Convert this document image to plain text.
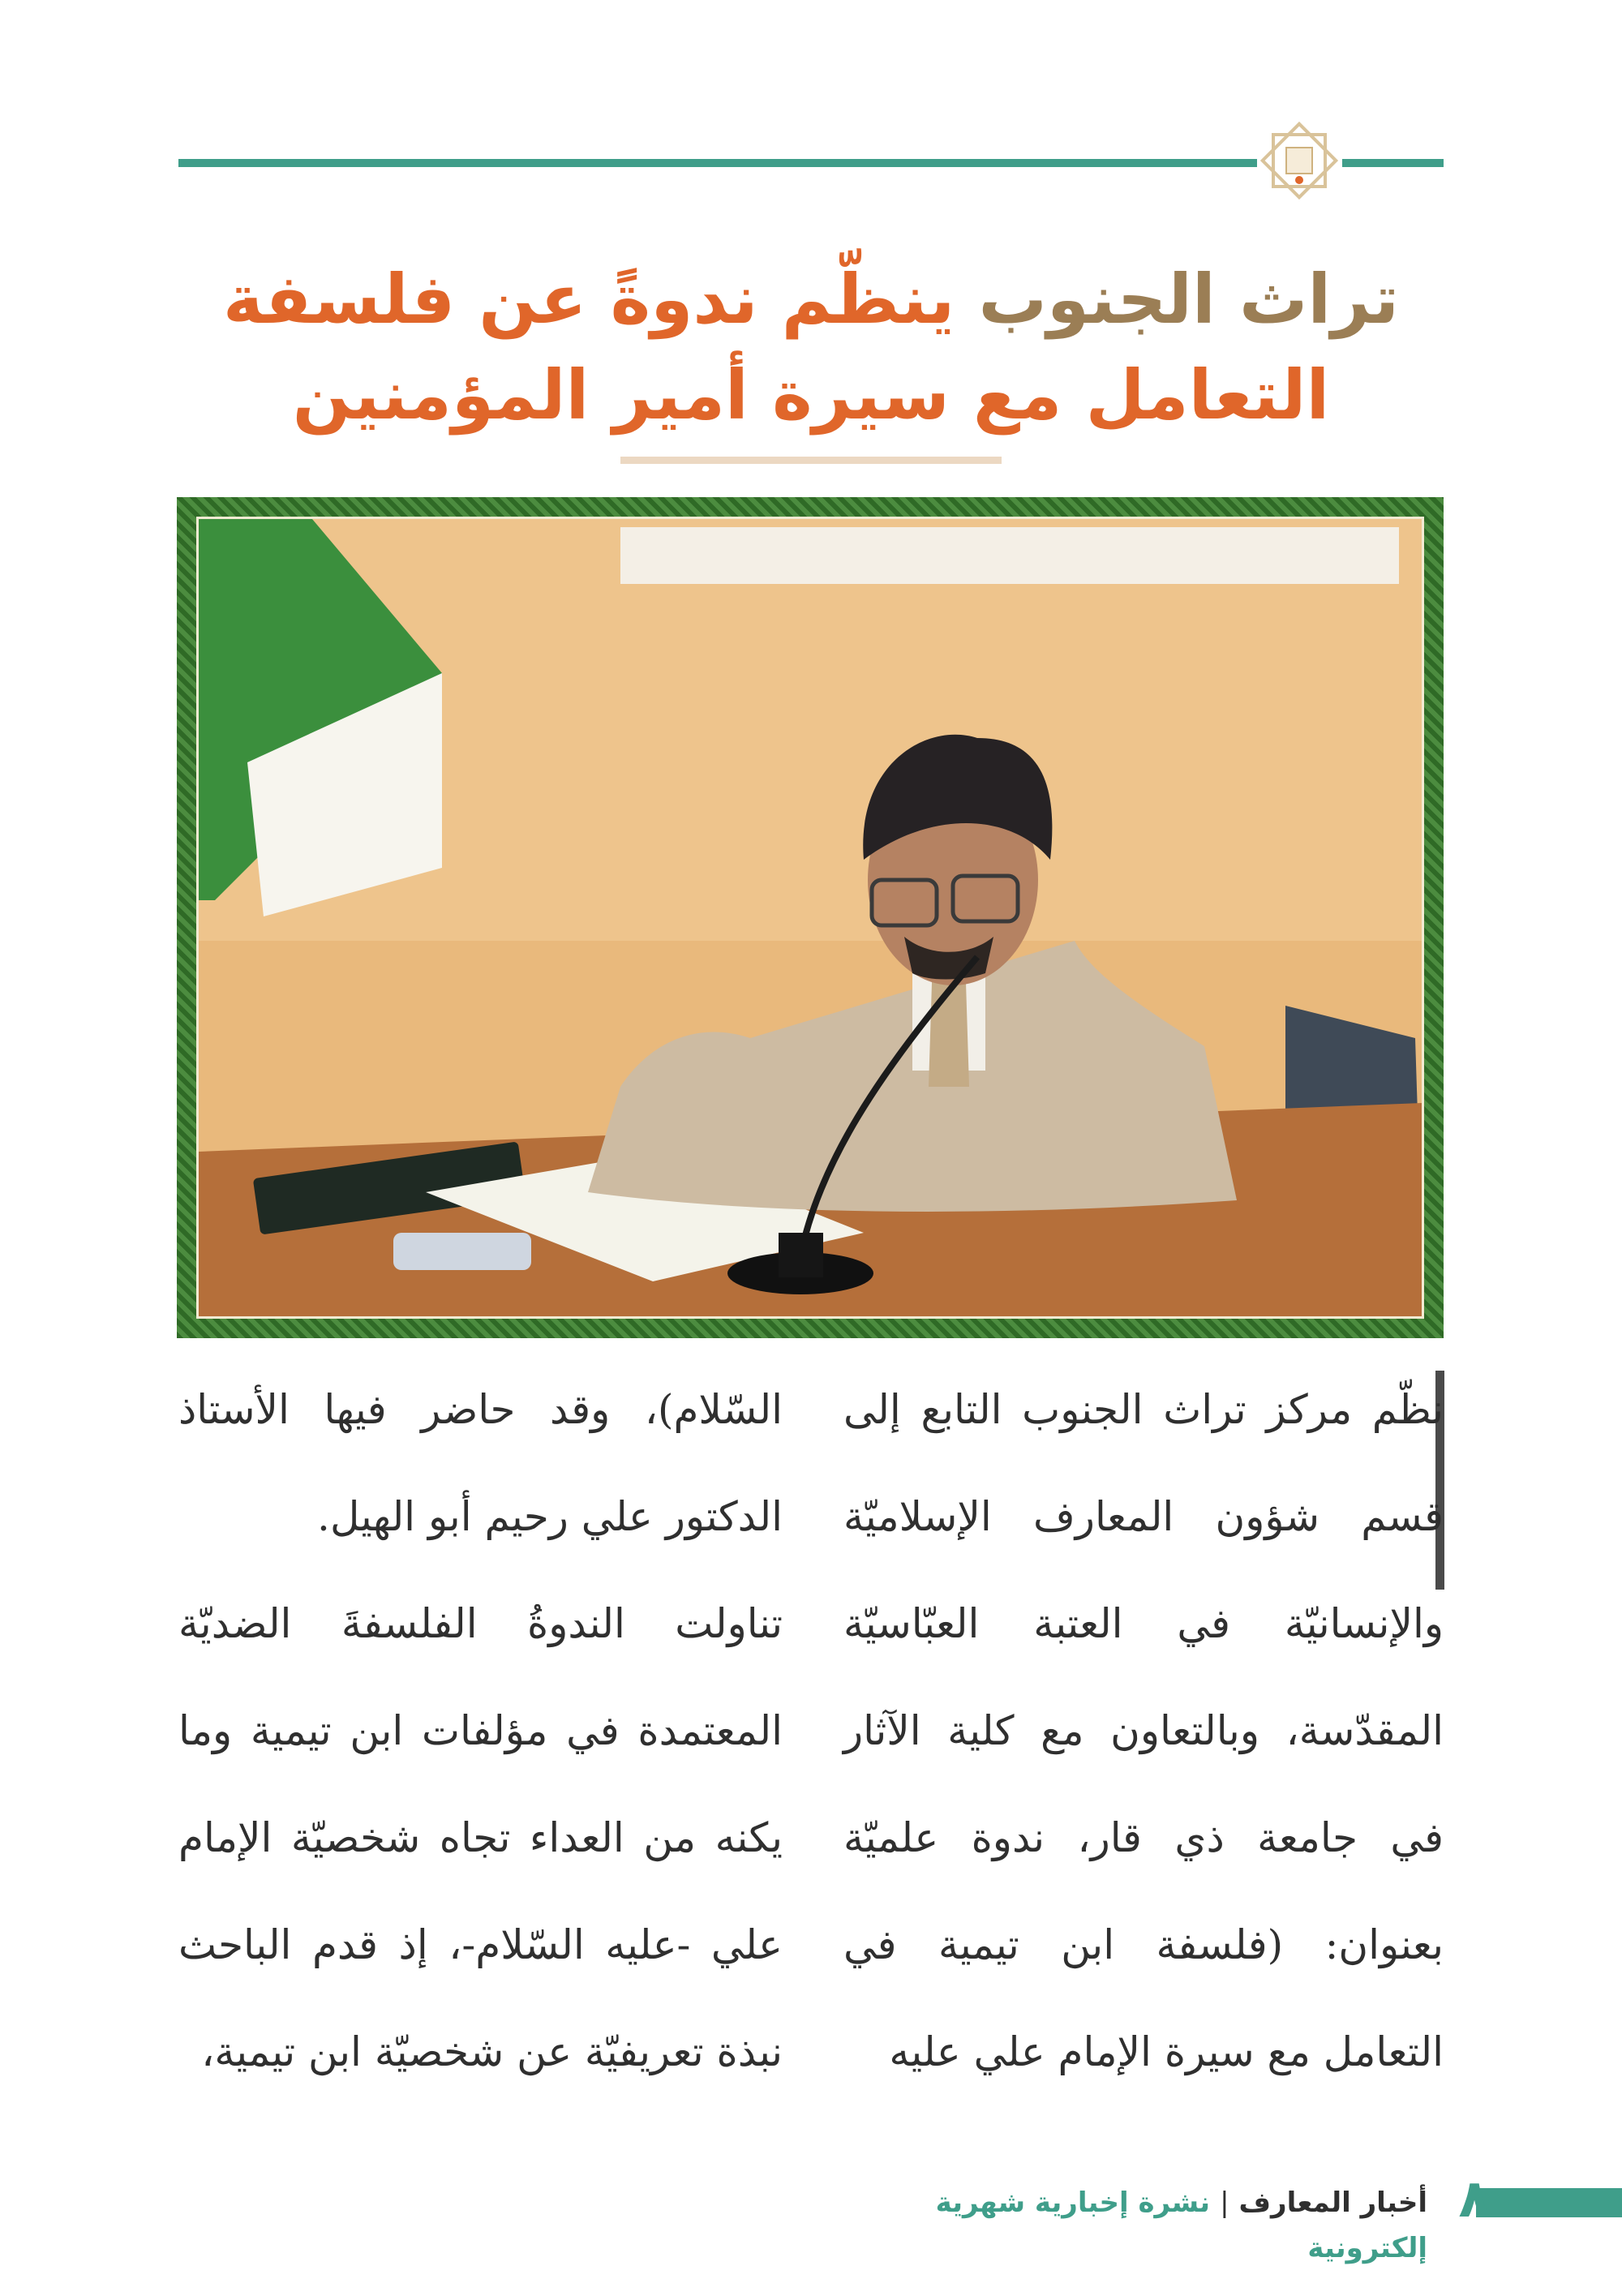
تراث الجنوب ينظّم ندوةً عن فلسفة التعامل مع سيرة أمير المؤمنين

نظّم مركز تراث الجنوب التابع إلى قسم شؤون المعارف الإسلاميّة والإنسانيّة في العتبة العبّاسيّة المقدّسة، وبالتعاون مع كلية الآثار في جامعة ذي قار، ندوة علميّة بعنوان: (فلسفة ابن تيمية في التعامل مع سيرة الإمام علي عليه

السّلام)، وقد حاضر فيها الأستاذ الدكتور علي رحيم أبو الهيل.

تناولت الندوةُ الفلسفةَ الضديّة المعتمدة في مؤلفات ابن تيمية وما يكنه من العداء تجاه شخصيّة الإمام علي -عليه السّلام-، إذ قدم الباحث نبذة تعريفيّة عن شخصيّة ابن تيمية،

٨
أخبار المعارف|نشرة إخبارية شهرية إلكترونية
